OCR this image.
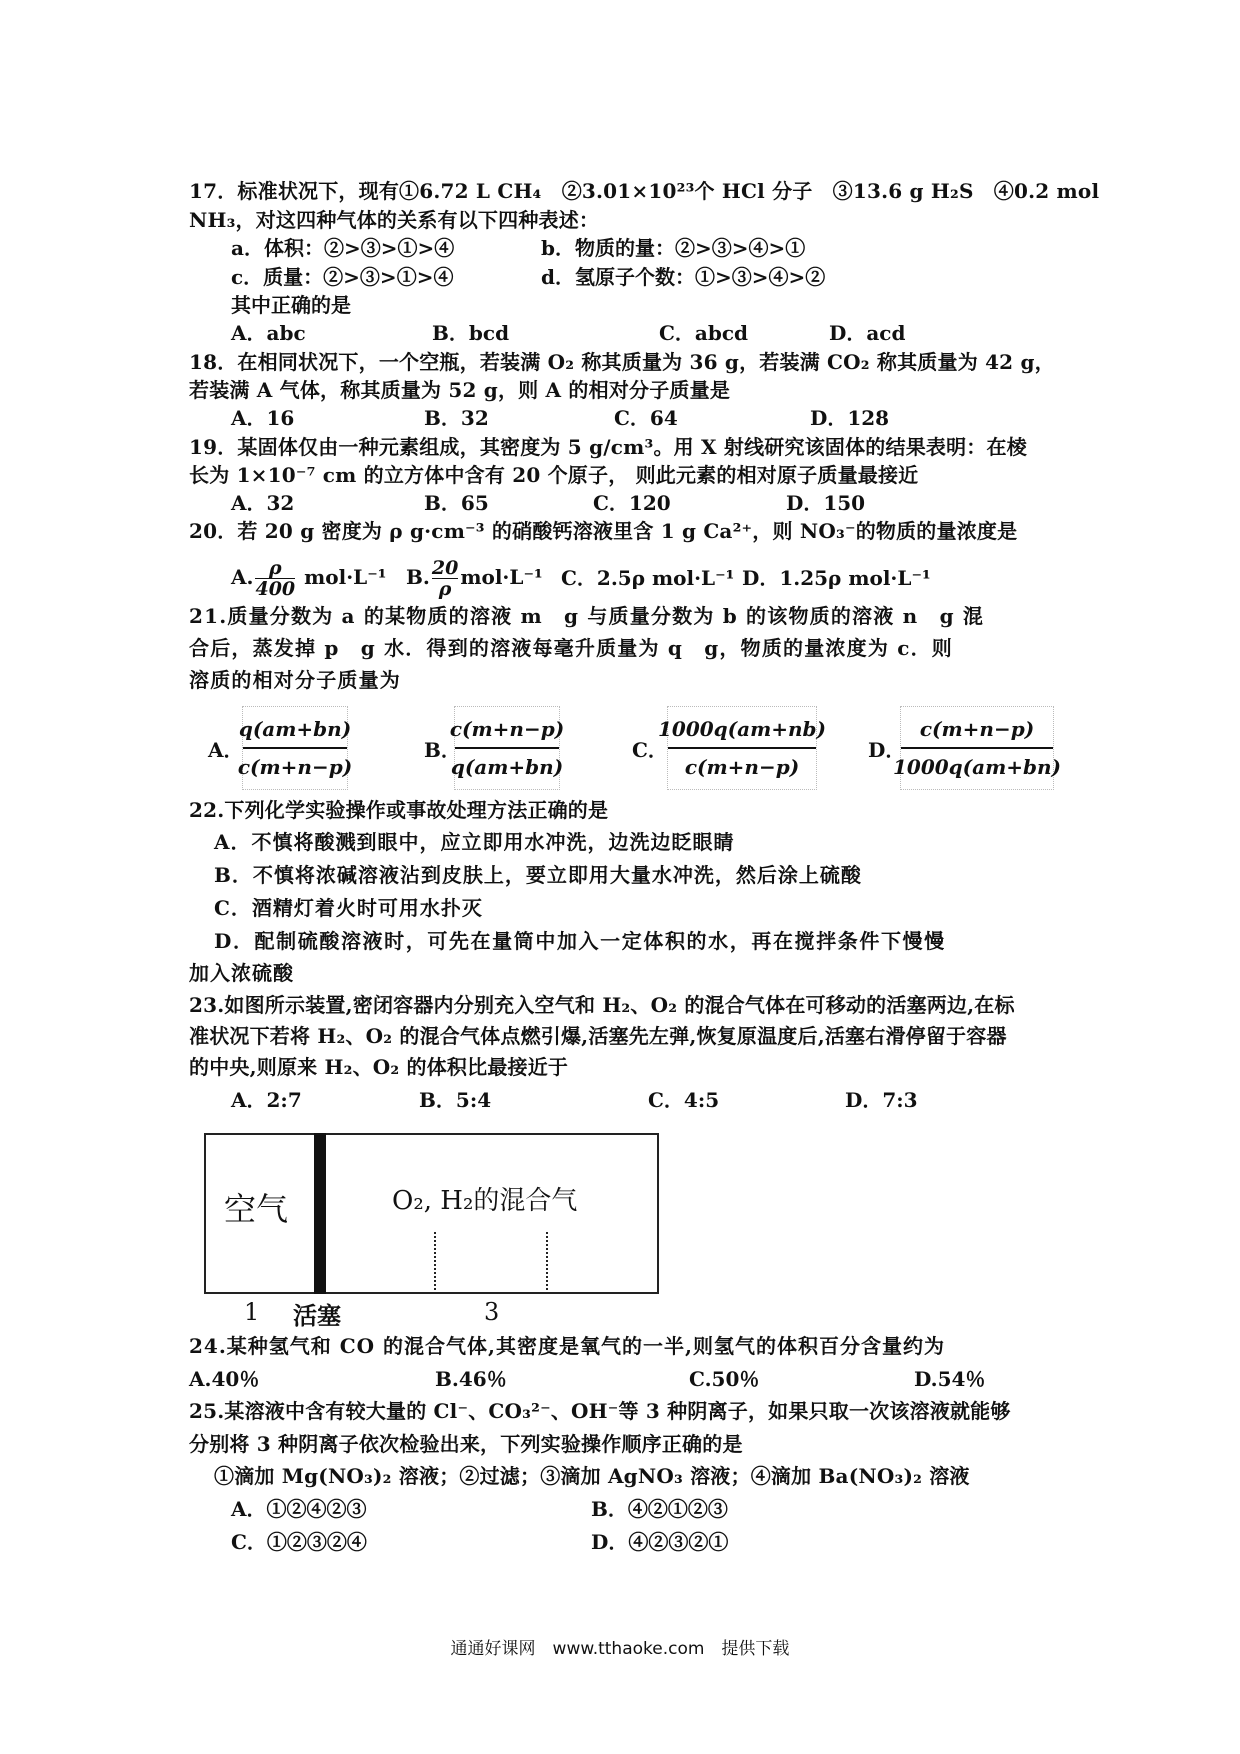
17．标准状况下，现有①6.72 L CH₄　②3.01×10²³个 HCl 分子　③13.6 g H₂S　④0.2 mol
NH₃，对这四种气体的关系有以下四种表述：
a．体积：②>③>①>④	b．物质的量：②>③>④>①
c．质量：②>③>①>④	d．氢原子个数：①>③>④>②
其中正确的是
A．abc	B．bcd	C．abcd	D．acd
18．在相同状况下，一个空瓶，若装满 O₂ 称其质量为 36 g，若装满 CO₂ 称其质量为 42 g，
若装满 A 气体，称其质量为 52 g，则 A 的相对分子质量是
A．16	B．32	C．64	D．128
19．某固体仅由一种元素组成，其密度为 5 g/cm³。用 X 射线研究该固体的结果表明：在棱
长为 1×10⁻⁷ cm 的立方体中含有 20 个原子， 则此元素的相对原子质量最接近
A．32	B．65	C．120	D．150
20．若 20 g 密度为 ρ g·cm⁻³ 的硝酸钙溶液里含 1 g Ca²⁺，则 NO₃⁻的物质的量浓度是
A. $\frac{\rho}{400} mol\cdot L^{-1}$ B. $\frac{20}{\rho} mol\cdot L^{-1}$ C．2.5ρ mol·L⁻¹ D．1.25ρ mol·L⁻¹
21.质量分数为 a 的某物质的溶液 m　g 与质量分数为 b 的该物质的溶液 n　g 混
合后，蒸发掉 p　g 水．得到的溶液每毫升质量为 q　g，物质的量浓度为 c．则
溶质的相对分子质量为
A．
q(am+bn)
c(m+n−p)
B．
c(m+n−p)
q(am+bn)
C．
1000q(am+nb)
c(m+n−p)
D．
c(m+n−p)
1000q(am+bn)
22.下列化学实验操作或事故处理方法正确的是
A．不慎将酸溅到眼中，应立即用水冲洗，边洗边眨眼睛
B．不慎将浓碱溶液沾到皮肤上，要立即用大量水冲洗，然后涂上硫酸
C．酒精灯着火时可用水扑灭
D．配制硫酸溶液时，可先在量筒中加入一定体积的水，再在搅拌条件下慢慢
加入浓硫酸
23.如图所示装置,密闭容器内分别充入空气和 H₂、O₂ 的混合气体在可移动的活塞两边,在标
准状况下若将 H₂、O₂ 的混合气体点燃引爆,活塞先左弹,恢复原温度后,活塞右滑停留于容器
的中央,则原来 H₂、O₂ 的体积比最接近于
A．2:7	B．5:4	C．4:5	D．7:3
空气	O₂, H₂的混合气
1 活塞	3
24.某种氢气和 CO 的混合气体,其密度是氧气的一半,则氢气的体积百分含量约为
A.40％	B.46％	C.50％	D.54％
25.某溶液中含有较大量的 Cl⁻、CO₃²⁻、OH⁻等 3 种阴离子，如果只取一次该溶液就能够
分别将 3 种阴离子依次检验出来，下列实验操作顺序正确的是
①滴加 Mg(NO₃)₂ 溶液；②过滤；③滴加 AgNO₃ 溶液；④滴加 Ba(NO₃)₂ 溶液
A．①②④②③	B．④②①②③
C．①②③②④	D．④②③②①
通通好课网　www.tthaoke.com　提供下载
